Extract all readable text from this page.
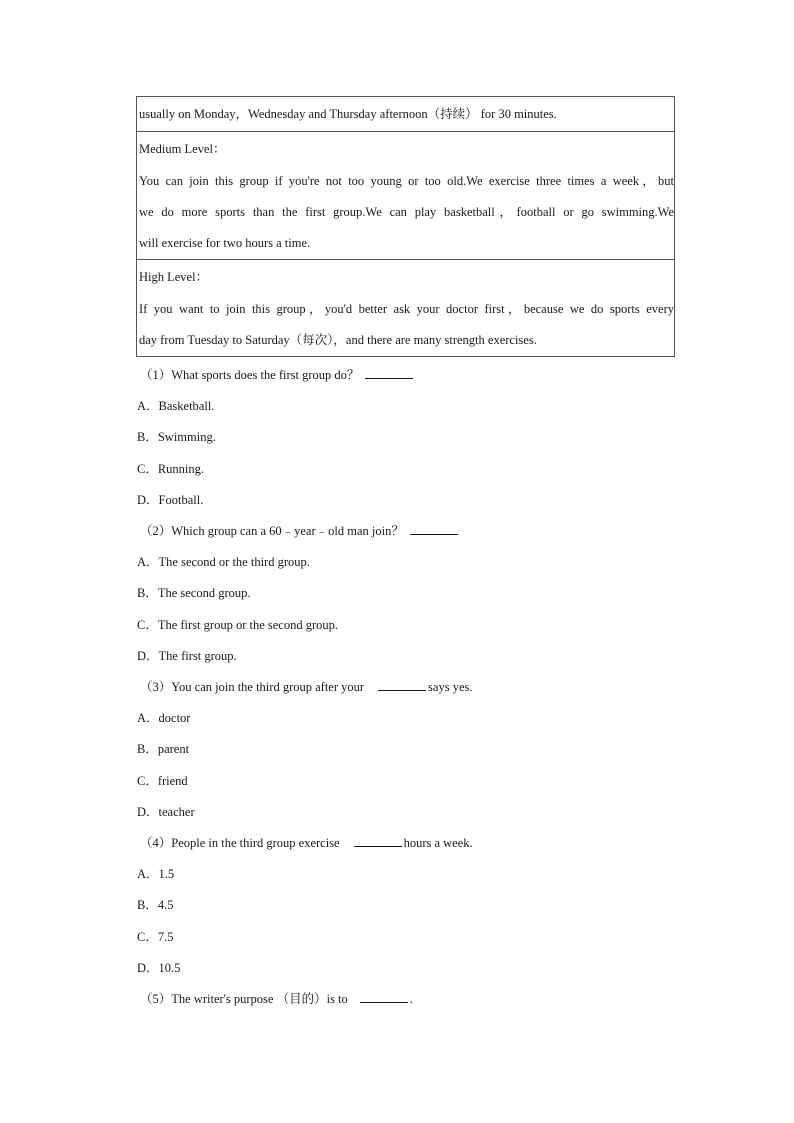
usually on Monday，Wednesday and Thursday afternoon（持续） for 30 minutes.

Medium Level：
You can join this group if you're not too young or too old.We exercise three times a week，but
we do more sports than the first group.We can play basketball，football or go swimming.We
will exercise for two hours a time.

High Level：
If you want to join this group，you'd better ask your doctor first，because we do sports every
day from Tuesday to Saturday（每次），and there are many strength exercises.
（1）What sports does the first group do？
A．Basketball.
B．Swimming.
C．Running.
D．Football.
（2）Which group can a 60﹣year﹣old man join？
A．The second or the third group.
B．The second group.
C．The first group or the second group.
D．The first group.
（3）You can join the third group after your	says yes.
A．doctor
B．parent
C．friend
D．teacher
（4）People in the third group exercise	hours a week.
A．1.5
B．4.5
C．7.5
D．10.5
（5）The writer's purpose （目的）is to	.
